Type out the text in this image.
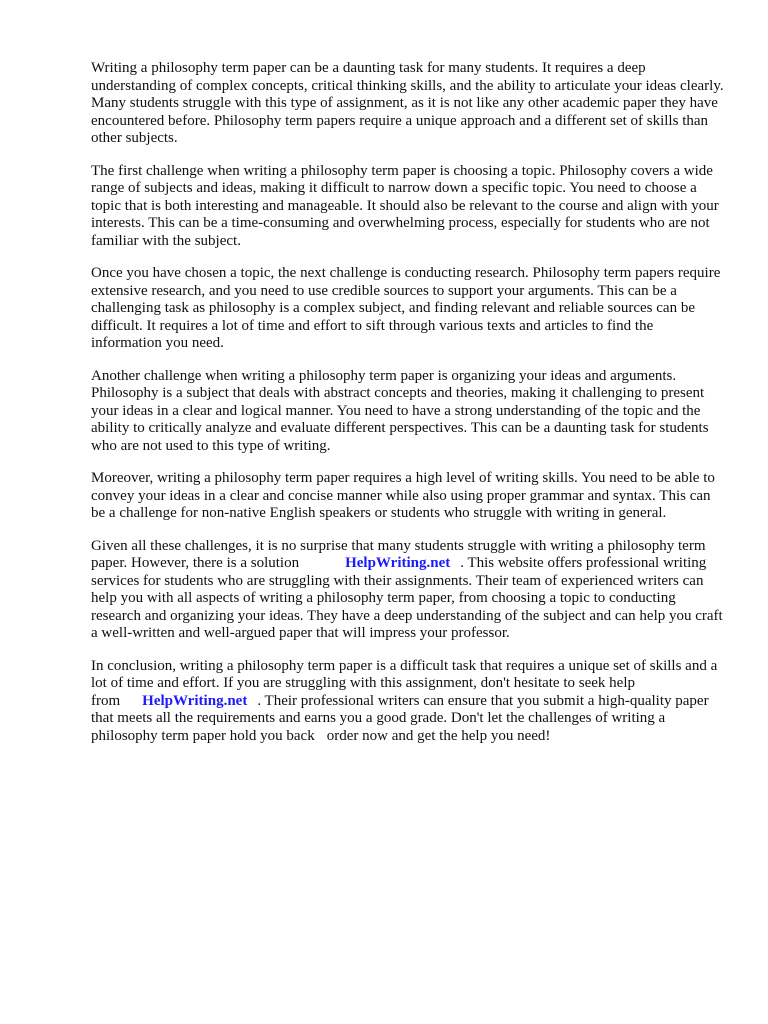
Writing a philosophy term paper can be a daunting task for many students. It requires a deep understanding of complex concepts, critical thinking skills, and the ability to articulate your ideas clearly. Many students struggle with this type of assignment, as it is not like any other academic paper they have encountered before. Philosophy term papers require a unique approach and a different set of skills than other subjects.

The first challenge when writing a philosophy term paper is choosing a topic. Philosophy covers a wide range of subjects and ideas, making it difficult to narrow down a specific topic. You need to choose a topic that is both interesting and manageable. It should also be relevant to the course and align with your interests. This can be a time-consuming and overwhelming process, especially for students who are not familiar with the subject.

Once you have chosen a topic, the next challenge is conducting research. Philosophy term papers require extensive research, and you need to use credible sources to support your arguments. This can be a challenging task as philosophy is a complex subject, and finding relevant and reliable sources can be difficult. It requires a lot of time and effort to sift through various texts and articles to find the information you need.

Another challenge when writing a philosophy term paper is organizing your ideas and arguments. Philosophy is a subject that deals with abstract concepts and theories, making it challenging to present your ideas in a clear and logical manner. You need to have a strong understanding of the topic and the ability to critically analyze and evaluate different perspectives. This can be a daunting task for students who are not used to this type of writing.

Moreover, writing a philosophy term paper requires a high level of writing skills. You need to be able to convey your ideas in a clear and concise manner while also using proper grammar and syntax. This can be a challenge for non-native English speakers or students who struggle with writing in general.

Given all these challenges, it is no surprise that many students struggle with writing a philosophy term paper. However, there is a solution	HelpWriting.net . This website offers professional writing services for students who are struggling with their assignments. Their team of experienced writers can help you with all aspects of writing a philosophy term paper, from choosing a topic to conducting research and organizing your ideas. They have a deep understanding of the subject and can help you craft a well-written and well-argued paper that will impress your professor.

In conclusion, writing a philosophy term paper is a difficult task that requires a unique set of skills and a lot of time and effort. If you are struggling with this assignment, don't hesitate to seek help from HelpWriting.net . Their professional writers can ensure that you submit a high-quality paper that meets all the requirements and earns you a good grade. Don't let the challenges of writing a philosophy term paper hold you back order now and get the help you need!
